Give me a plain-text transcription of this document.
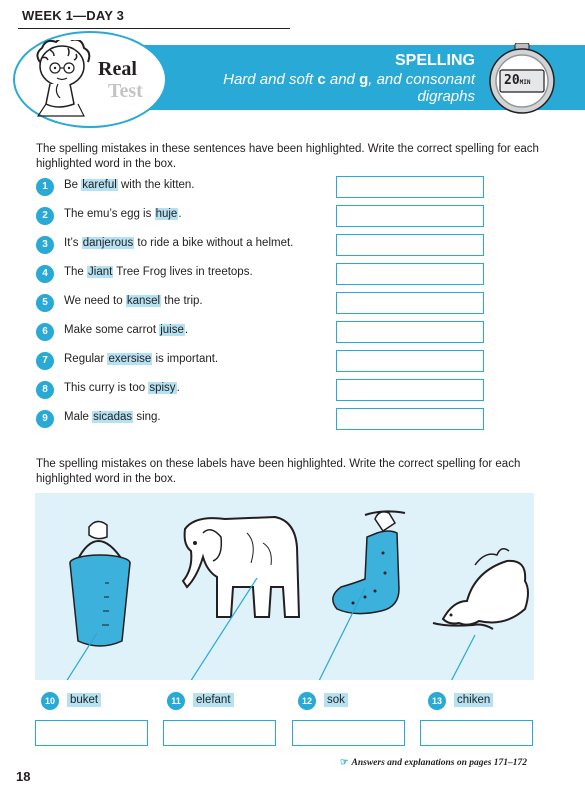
WEEK 1—DAY 3
SPELLING
Hard and soft c and g, and consonant digraphs
Real
Test	20MIN
The spelling mistakes in these sentences have been highlighted. Write the correct spelling for each highlighted word in the box.
1	Be kareful with the kitten.
2	The emu’s egg is huje.
3	It’s danjerous to ride a bike without a helmet.
4	The Jiant Tree Frog lives in treetops.
5	We need to kansel the trip.
6	Make some carrot juise.
7	Regular exersise is important.
8	This curry is too spisy.
9	Male sicadas sing.
The spelling mistakes on these labels have been highlighted. Write the correct spelling for each highlighted word in the box.
10	buket	11	elefant	12	sok	13	chiken
☞ Answers and explanations on pages 171–172
18
